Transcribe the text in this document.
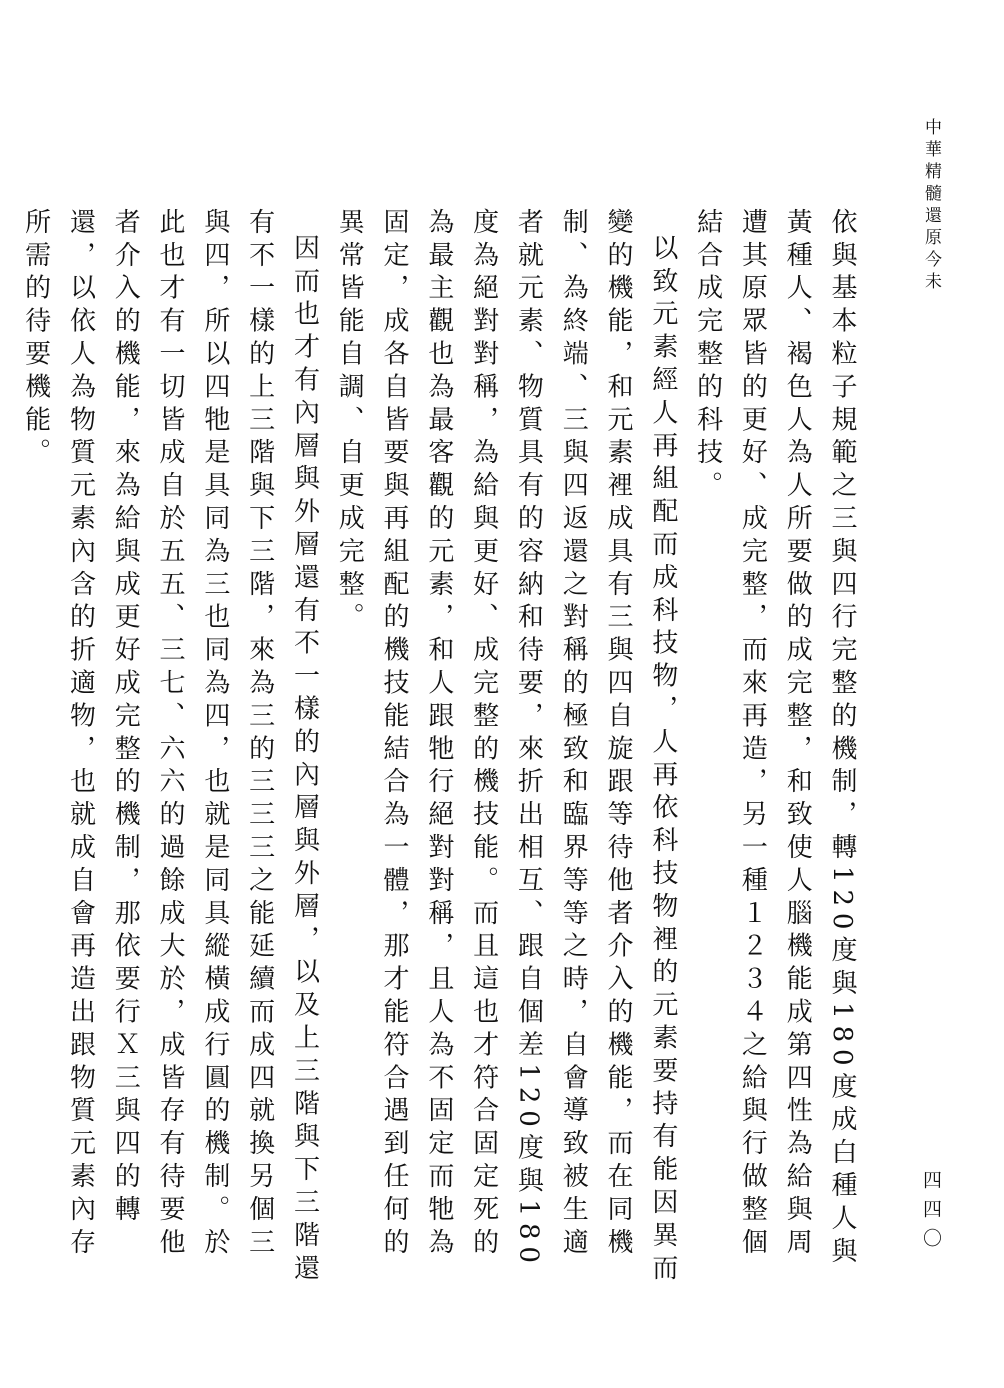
中華精髓還原今未

依與基本粒子規範之三與四行完整的機制，轉120度與180度成白種人與黃種人、褐色人為人所要做的成完整，和致使人腦機能成第四性為給與周遭其原眾皆的更好、成完整，而來再造，另一種１２３４之給與行做整個結合成完整的科技。

以致元素經人再組配而成科技物，人再依科技物裡的元素要持有能因異而變的機能，和元素裡成具有三與四自旋跟等待他者介入的機能，而在同機制、為終端、三與四返還之對稱的極致和臨界等等之時，自會導致被生適者就元素、物質具有的容納和待要，來折出相互、跟自個差120度與180度為絕對對稱，為給與更好、成完整的機技能。而且這也才符合固定死的為最主觀也為最客觀的元素，和人跟牠行絕對對稱，且人為不固定而牠為固定，成各自皆要與再組配的機技能結合為一體，那才能符合遇到任何的異常皆能自調、自更成完整。

因而也才有內層與外層還有不一樣的內層與外層，以及上三階與下三階還有不一樣的上三階與下三階，來為三的三三三之能延續而成四就換另個三與四，所以四牠是具同為三也同為四，也就是同具縱橫成行圓的機制。於此也才有一切皆成自於五五、三七、六六的過餘成大於，成皆存有待要他者介入的機能，來為給與成更好成完整的機制，那依要行Ｘ三與四的轉還，以依人為物質元素內含的折適物，也就成自會再造出跟物質元素內存所需的待要機能。

四四〇
